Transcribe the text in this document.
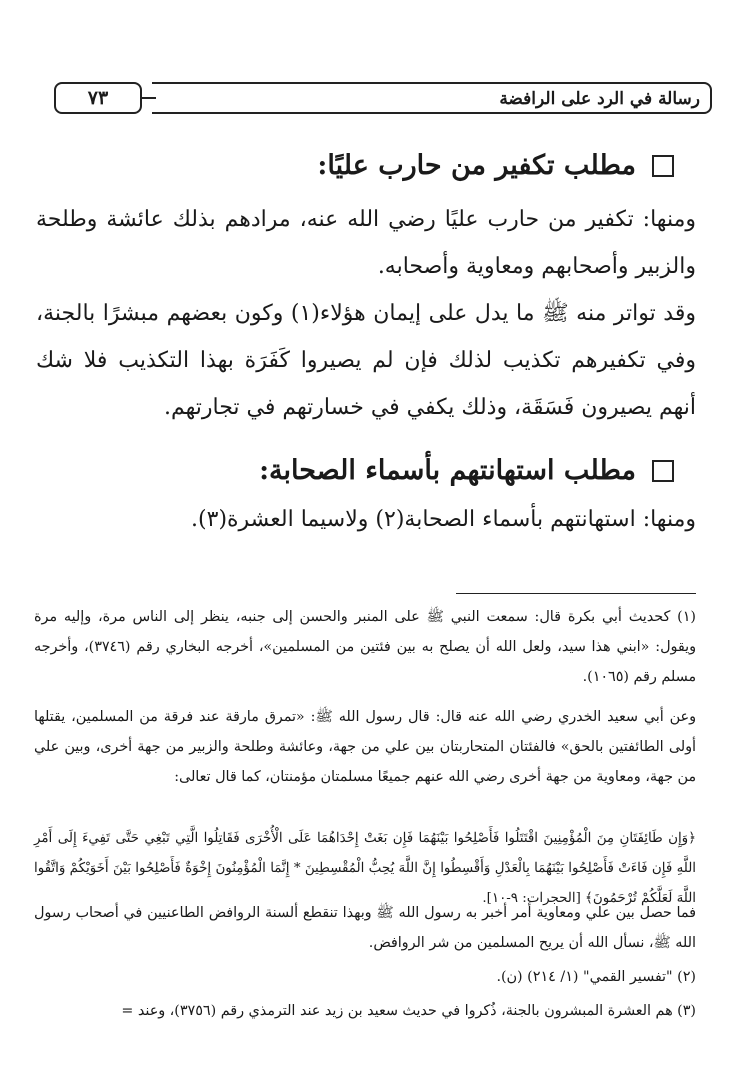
رسالة في الرد على الرافضة
٧٣
مطلب تكفير من حارب عليًا:
ومنها: تكفير من حارب عليًا رضي الله عنه، مرادهم بذلك عائشة وطلحة والزبير وأصحابهم ومعاوية وأصحابه.
وقد تواتر منه ﷺ ما يدل على إيمان هؤلاء(١) وكون بعضهم مبشرًا بالجنة، وفي تكفيرهم تكذيب لذلك فإن لم يصيروا كَفَرَة بهذا التكذيب فلا شك أنهم يصيرون فَسَقَة، وذلك يكفي في خسارتهم في تجارتهم.
مطلب استهانتهم بأسماء الصحابة:
ومنها: استهانتهم بأسماء الصحابة(٢) ولاسيما العشرة(٣).
(١) كحديث أبي بكرة قال: سمعت النبي ﷺ على المنبر والحسن إلى جنبه، ينظر إلى الناس مرة، وإليه مرة ويقول: «ابني هذا سيد، ولعل الله أن يصلح به بين فئتين من المسلمين»، أخرجه البخاري رقم (٣٧٤٦)، وأخرجه مسلم رقم (١٠٦٥).
وعن أبي سعيد الخدري رضي الله عنه قال: قال رسول الله ﷺ: «تمرق مارقة عند فرقة من المسلمين، يقتلها أولى الطائفتين بالحق» فالفئتان المتحاربتان بين علي من جهة، وعائشة وطلحة والزبير من جهة أخرى، وبين علي من جهة، ومعاوية من جهة أخرى رضي الله عنهم جميعًا مسلمتان مؤمنتان، كما قال تعالى:
﴿وَإِن طَائِفَتَانِ مِنَ الْمُؤْمِنِينَ اقْتَتَلُوا فَأَصْلِحُوا بَيْنَهُمَا فَإِن بَغَتْ إِحْدَاهُمَا عَلَى الْأُخْرَى فَقَاتِلُوا الَّتِي تَبْغِي حَتَّى تَفِيءَ إِلَى أَمْرِ اللَّهِ فَإِن فَاءَتْ فَأَصْلِحُوا بَيْنَهُمَا بِالْعَدْلِ وَأَقْسِطُوا إِنَّ اللَّهَ يُحِبُّ الْمُقْسِطِينَ * إِنَّمَا الْمُؤْمِنُونَ إِخْوَةٌ فَأَصْلِحُوا بَيْنَ أَخَوَيْكُمْ وَاتَّقُوا اللَّهَ لَعَلَّكُمْ تُرْحَمُونَ﴾ [الحجرات: ٩-١٠].
فما حصل بين علي ومعاوية أمر أخبر به رسول الله ﷺ وبهذا تنقطع ألسنة الروافض الطاعنيين في أصحاب رسول الله ﷺ، نسأل الله أن يريح المسلمين من شر الروافض.
(٢) "تفسير القمي" (١/ ٢١٤) (ن).
(٣) هم العشرة المبشرون بالجنة، ذُكروا في حديث سعيد بن زيد عند الترمذي رقم (٣٧٥٦)، وعند =
